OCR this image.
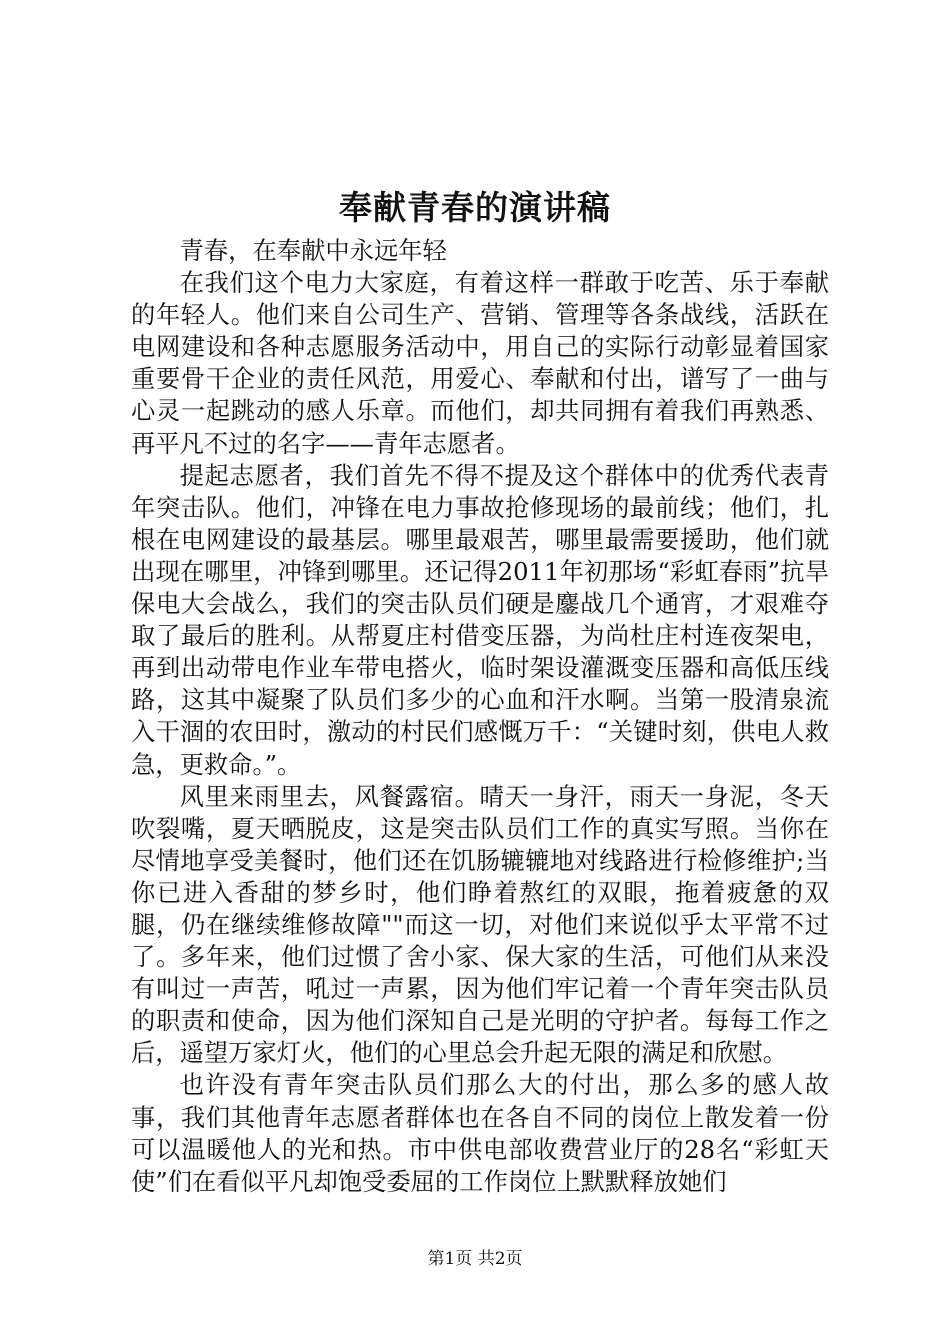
奉献青春的演讲稿

青春，在奉献中永远年轻

在我们这个电力大家庭，有着这样一群敢于吃苦、乐于奉献的年轻人。他们来自公司生产、营销、管理等各条战线，活跃在电网建设和各种志愿服务活动中，用自己的实际行动彰显着国家重要骨干企业的责任风范，用爱心、奉献和付出，谱写了一曲与心灵一起跳动的感人乐章。而他们，却共同拥有着我们再熟悉、再平凡不过的名字——青年志愿者。

提起志愿者，我们首先不得不提及这个群体中的优秀代表青年突击队。他们，冲锋在电力事故抢修现场的最前线；他们，扎根在电网建设的最基层。哪里最艰苦，哪里最需要援助，他们就出现在哪里，冲锋到哪里。还记得2011年初那场“彩虹春雨”抗旱保电大会战么，我们的突击队员们硬是鏖战几个通宵，才艰难夺取了最后的胜利。从帮夏庄村借变压器，为尚杜庄村连夜架电，再到出动带电作业车带电搭火，临时架设灌溉变压器和高低压线路，这其中凝聚了队员们多少的心血和汗水啊。当第一股清泉流入干涸的农田时，激动的村民们感慨万千：“关键时刻，供电人救急，更救命。”。

风里来雨里去，风餐露宿。晴天一身汗，雨天一身泥，冬天吹裂嘴，夏天晒脱皮，这是突击队员们工作的真实写照。当你在尽情地享受美餐时，他们还在饥肠辘辘地对线路进行检修维护;当你已进入香甜的梦乡时，他们睁着熬红的双眼，拖着疲惫的双腿，仍在继续维修故障""而这一切，对他们来说似乎太平常不过了。多年来，他们过惯了舍小家、保大家的生活，可他们从来没有叫过一声苦，吼过一声累，因为他们牢记着一个青年突击队员的职责和使命，因为他们深知自己是光明的守护者。每每工作之后，遥望万家灯火，他们的心里总会升起无限的满足和欣慰。

也许没有青年突击队员们那么大的付出，那么多的感人故事，我们其他青年志愿者群体也在各自不同的岗位上散发着一份可以温暖他人的光和热。市中供电部收费营业厅的28名“彩虹天使”们在看似平凡却饱受委屈的工作岗位上默默释放她们

第1页 共2页
